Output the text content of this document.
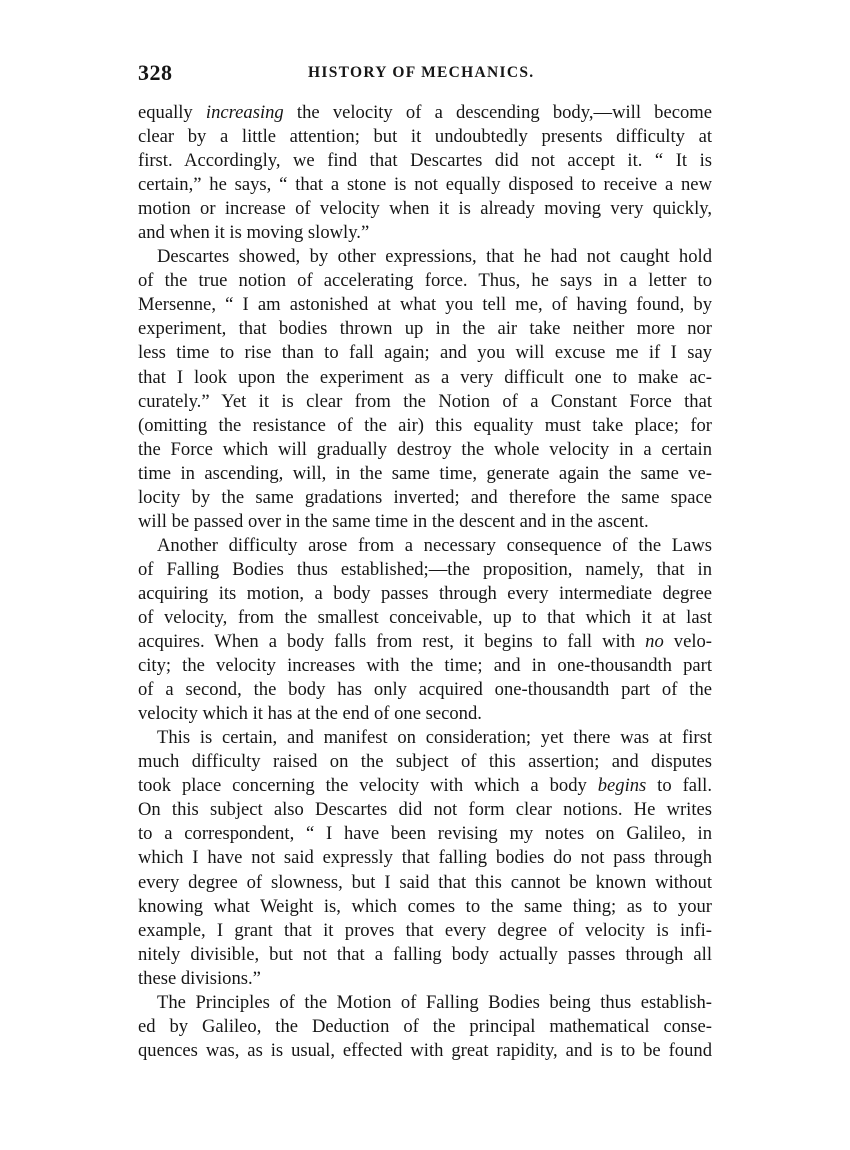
328	HISTORY OF MECHANICS.
equally increasing the velocity of a descending body,—will become
clear by a little attention; but it undoubtedly presents difficulty at
first. Accordingly, we find that Descartes did not accept it. “ It is
certain,” he says, “ that a stone is not equally disposed to receive a new
motion or increase of velocity when it is already moving very quickly,
and when it is moving slowly.”
Descartes showed, by other expressions, that he had not caught hold
of the true notion of accelerating force. Thus, he says in a letter to
Mersenne, “ I am astonished at what you tell me, of having found, by
experiment, that bodies thrown up in the air take neither more nor
less time to rise than to fall again; and you will excuse me if I say
that I look upon the experiment as a very difficult one to make ac-
curately.” Yet it is clear from the Notion of a Constant Force that
(omitting the resistance of the air) this equality must take place; for
the Force which will gradually destroy the whole velocity in a certain
time in ascending, will, in the same time, generate again the same ve-
locity by the same gradations inverted; and therefore the same space
will be passed over in the same time in the descent and in the ascent.
Another difficulty arose from a necessary consequence of the Laws
of Falling Bodies thus established;—the proposition, namely, that in
acquiring its motion, a body passes through every intermediate degree
of velocity, from the smallest conceivable, up to that which it at last
acquires. When a body falls from rest, it begins to fall with no velo-
city; the velocity increases with the time; and in one-thousandth part
of a second, the body has only acquired one-thousandth part of the
velocity which it has at the end of one second.
This is certain, and manifest on consideration; yet there was at first
much difficulty raised on the subject of this assertion; and disputes
took place concerning the velocity with which a body begins to fall.
On this subject also Descartes did not form clear notions. He writes
to a correspondent, “ I have been revising my notes on Galileo, in
which I have not said expressly that falling bodies do not pass through
every degree of slowness, but I said that this cannot be known without
knowing what Weight is, which comes to the same thing; as to your
example, I grant that it proves that every degree of velocity is infi-
nitely divisible, but not that a falling body actually passes through all
these divisions.”
The Principles of the Motion of Falling Bodies being thus establish-
ed by Galileo, the Deduction of the principal mathematical conse-
quences was, as is usual, effected with great rapidity, and is to be found
